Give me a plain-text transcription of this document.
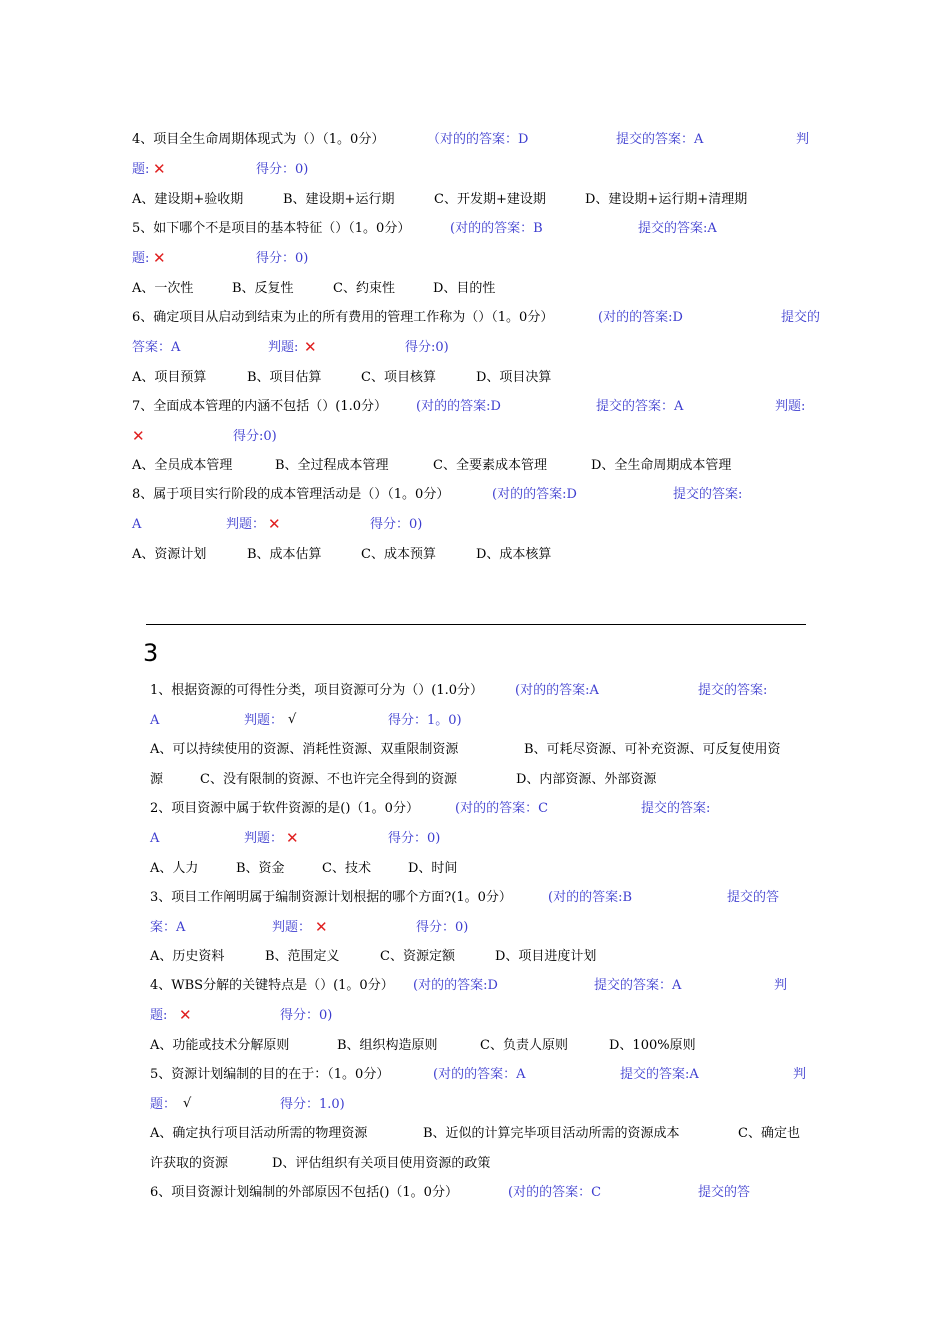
4、项目全生命周期体现式为（）（1。0分）	（对的的答案：D	提交的答案：A	判
题: ✕	得分：0)
A、建设期+验收期	B、建设期+运行期	C、开发期+建设期	D、建设期+运行期+清理期
5、如下哪个不是项目的基本特征（）（1。0分）	(对的的答案：B	提交的答案:A
题: ✕	得分：0)
A、一次性	B、反复性	C、约束性	D、目的性
6、确定项目从启动到结束为止的所有费用的管理工作称为（）（1。0分）	(对的的答案:D	提交的
答案：A	判题: ✕	得分:0)
A、项目预算	B、项目估算	C、项目核算	D、项目决算
7、全面成本管理的内涵不包括（）(1.0分） (对的的答案:D	提交的答案：A	判题:
✕	得分:0)
A、全员成本管理	B、全过程成本管理	C、全要素成本管理	D、全生命周期成本管理
8、属于项目实行阶段的成本管理活动是（）（1。0分）	(对的的答案:D	提交的答案:
A	判题： ✕	得分：0)
A、资源计划	B、成本估算	C、成本预算	D、成本核算
3
1、根据资源的可得性分类，项目资源可分为（）(1.0分） (对的的答案:A	提交的答案:
A	判题： √	得分：1。0)
A、可以持续使用的资源、消耗性资源、双重限制资源	B、可耗尽资源、可补充资源、可反复使用资
源	C、没有限制的资源、不也许完全得到的资源	D、内部资源、外部资源
2、项目资源中属于软件资源的是()（1。0分）	(对的的答案：C	提交的答案:
A	判题： ✕	得分：0)
A、人力	B、资金	C、技术	D、时间
3、项目工作阐明属于编制资源计划根据的哪个方面?(1。0分）	(对的的答案:B	提交的答
案：A	判题： ✕	得分：0)
A、历史资料	B、范围定义	C、资源定额	D、项目进度计划
4、WBS分解的关键特点是（）(1。0分） (对的的答案:D	提交的答案：A	判
题: ✕	得分：0)
A、功能或技术分解原则	B、组织构造原则	C、负责人原则	D、100%原则
5、资源计划编制的目的在于：（1。0分）	(对的的答案：A	提交的答案:A	判
题： √	得分：1.0)
A、确定执行项目活动所需的物理资源	B、近似的计算完毕项目活动所需的资源成本	C、确定也
许获取的资源	D、评估组织有关项目使用资源的政策
6、项目资源计划编制的外部原因不包括()（1。0分）	(对的的答案：C	提交的答
